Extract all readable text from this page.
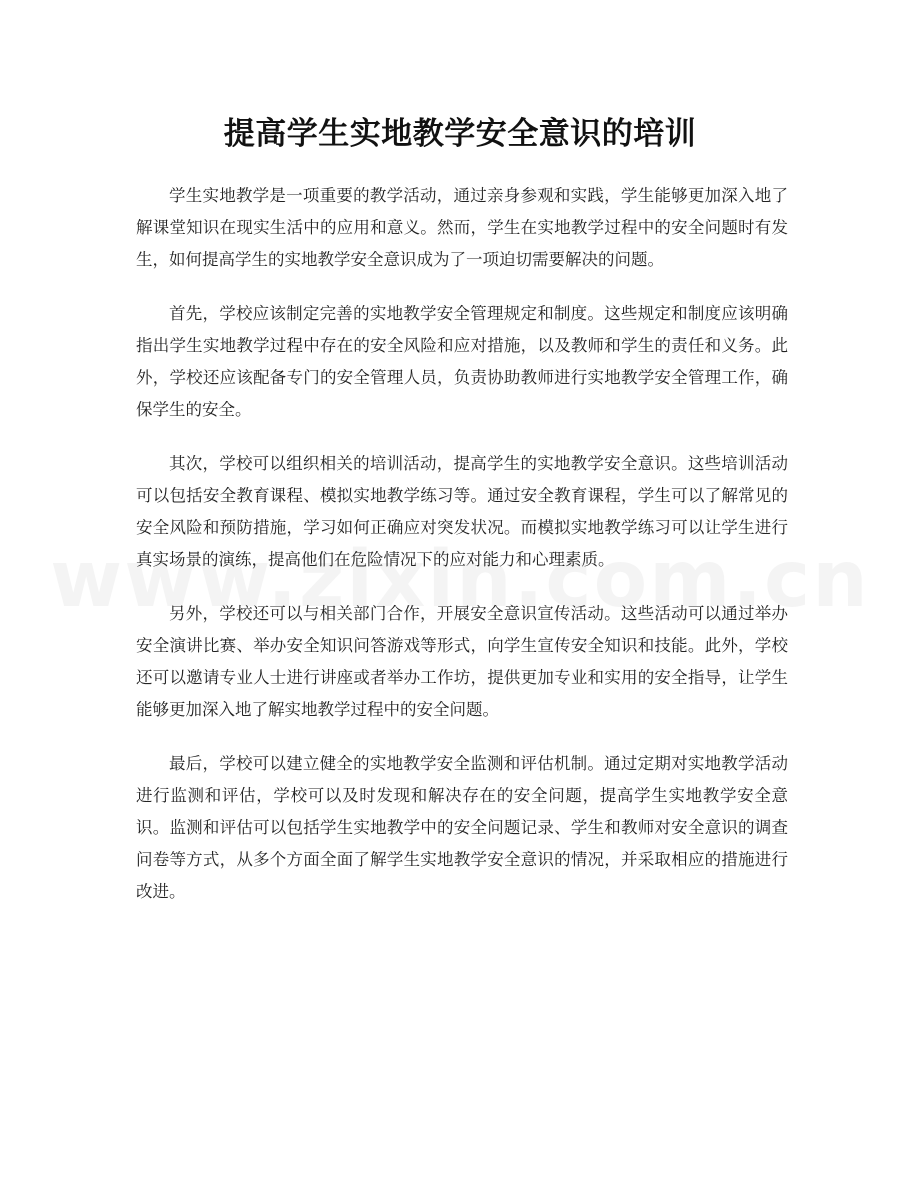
提高学生实地教学安全意识的培训

学生实地教学是一项重要的教学活动，通过亲身参观和实践，学生能够更加深入地了解课堂知识在现实生活中的应用和意义。然而，学生在实地教学过程中的安全问题时有发生，如何提高学生的实地教学安全意识成为了一项迫切需要解决的问题。

首先，学校应该制定完善的实地教学安全管理规定和制度。这些规定和制度应该明确指出学生实地教学过程中存在的安全风险和应对措施，以及教师和学生的责任和义务。此外，学校还应该配备专门的安全管理人员，负责协助教师进行实地教学安全管理工作，确保学生的安全。

其次，学校可以组织相关的培训活动，提高学生的实地教学安全意识。这些培训活动可以包括安全教育课程、模拟实地教学练习等。通过安全教育课程，学生可以了解常见的安全风险和预防措施，学习如何正确应对突发状况。而模拟实地教学练习可以让学生进行真实场景的演练，提高他们在危险情况下的应对能力和心理素质。

另外，学校还可以与相关部门合作，开展安全意识宣传活动。这些活动可以通过举办安全演讲比赛、举办安全知识问答游戏等形式，向学生宣传安全知识和技能。此外，学校还可以邀请专业人士进行讲座或者举办工作坊，提供更加专业和实用的安全指导，让学生能够更加深入地了解实地教学过程中的安全问题。

最后，学校可以建立健全的实地教学安全监测和评估机制。通过定期对实地教学活动进行监测和评估，学校可以及时发现和解决存在的安全问题，提高学生实地教学安全意识。监测和评估可以包括学生实地教学中的安全问题记录、学生和教师对安全意识的调查问卷等方式，从多个方面全面了解学生实地教学安全意识的情况，并采取相应的措施进行改进。
